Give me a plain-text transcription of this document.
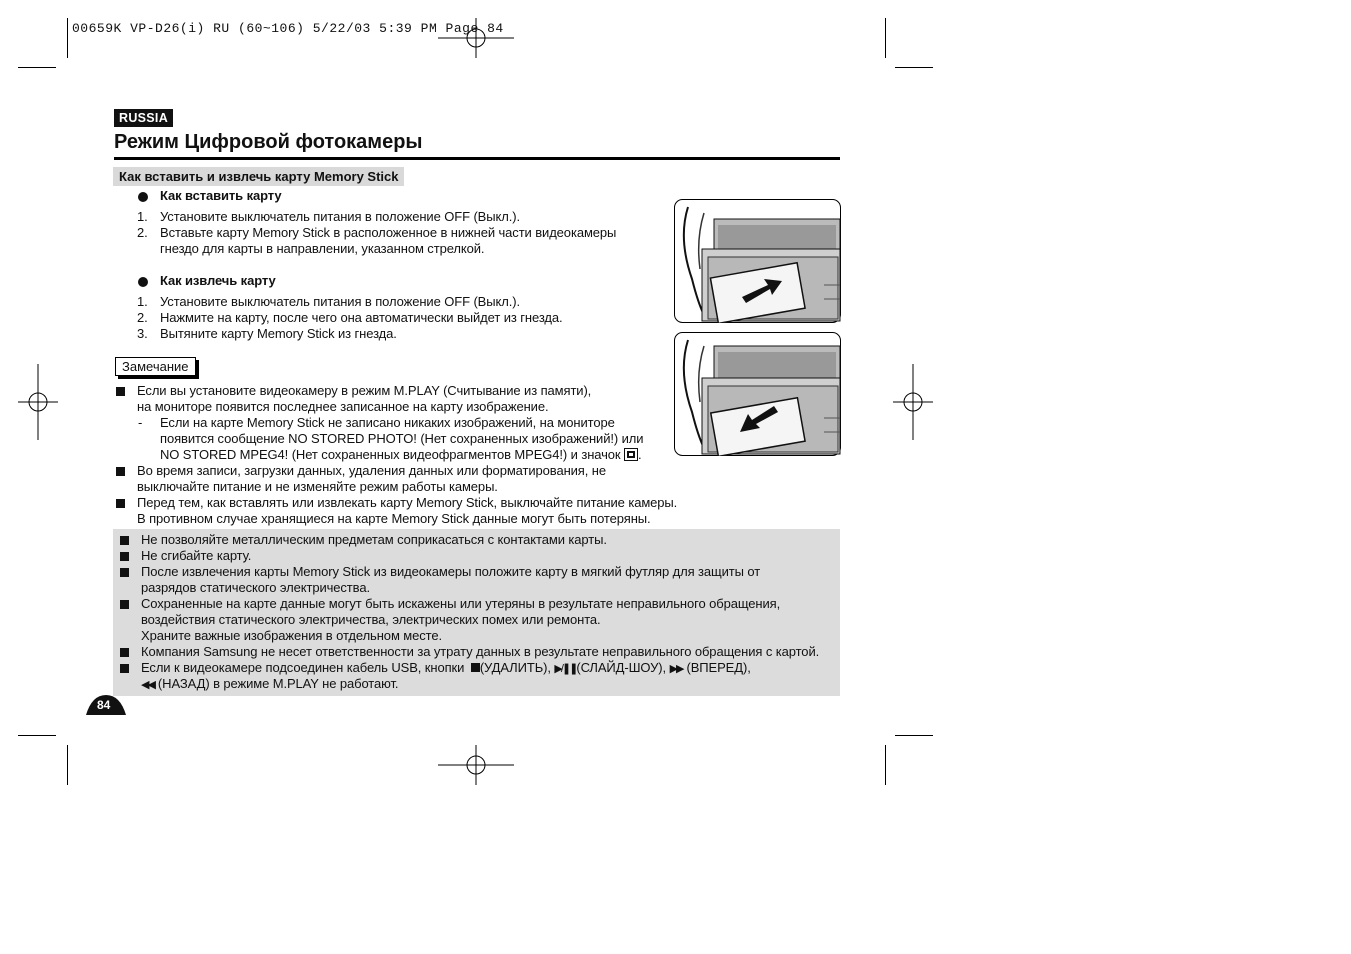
00659K VP-D26(i) RU (60~106) 5/22/03 5:39 PM Page 84
RUSSIA
Режим Цифровой фотокамеры
Как вставить и извлечь карту Memory Stick
Как вставить карту
1. Установите выключатель питания в положение OFF (Выкл.).
2. Вставьте карту Memory Stick в расположенное в нижней части видеокамеры
гнездо для карты в направлении, указанном стрелкой.
Как извлечь карту
1. Установите выключатель питания в положение OFF (Выкл.).
2. Нажмите на карту, после чего она автоматически выйдет из гнезда.
3. Вытяните карту Memory Stick из гнезда.
Замечание
Если вы установите видеокамеру в режим M.PLAY (Считывание из памяти),
на мониторе появится последнее записанное на карту изображение.
- Если на карте Memory Stick не записано никаких изображений, на мониторе
появится сообщение NO STORED PHOTO! (Нет сохраненных изображений!) или
NO STORED MPEG4! (Нет сохраненных видеофрагментов MPEG4!) и значок .
Во время записи, загрузки данных, удаления данных или форматирования, не
выключайте питание и не изменяйте режим работы камеры.
Перед тем, как вставлять или извлекать карту Memory Stick, выключайте питание камеры.
В противном случае хранящиеся на карте Memory Stick данные могут быть потеряны.
Не позволяйте металлическим предметам соприкасаться с контактами карты.
Не сгибайте карту.
После извлечения карты Memory Stick из видеокамеры положите карту в мягкий футляр для защиты от
разрядов статического электричества.
Сохраненные на карте данные могут быть искажены или утеряны в результате неправильного обращения,
воздействия статического электричества, электрических помех или ремонта.
Храните важные изображения в отдельном месте.
Компания Samsung не несет ответственности за утрату данных в результате неправильного обращения с картой.
Если к видеокамере подсоединен кабель USB, кнопки (УДАЛИТЬ), ▶/❚❚(СЛАЙД-ШОУ), ▶▶ (ВПЕРЕД),
◀◀ (НАЗАД) в режиме M.PLAY не работают.
84
